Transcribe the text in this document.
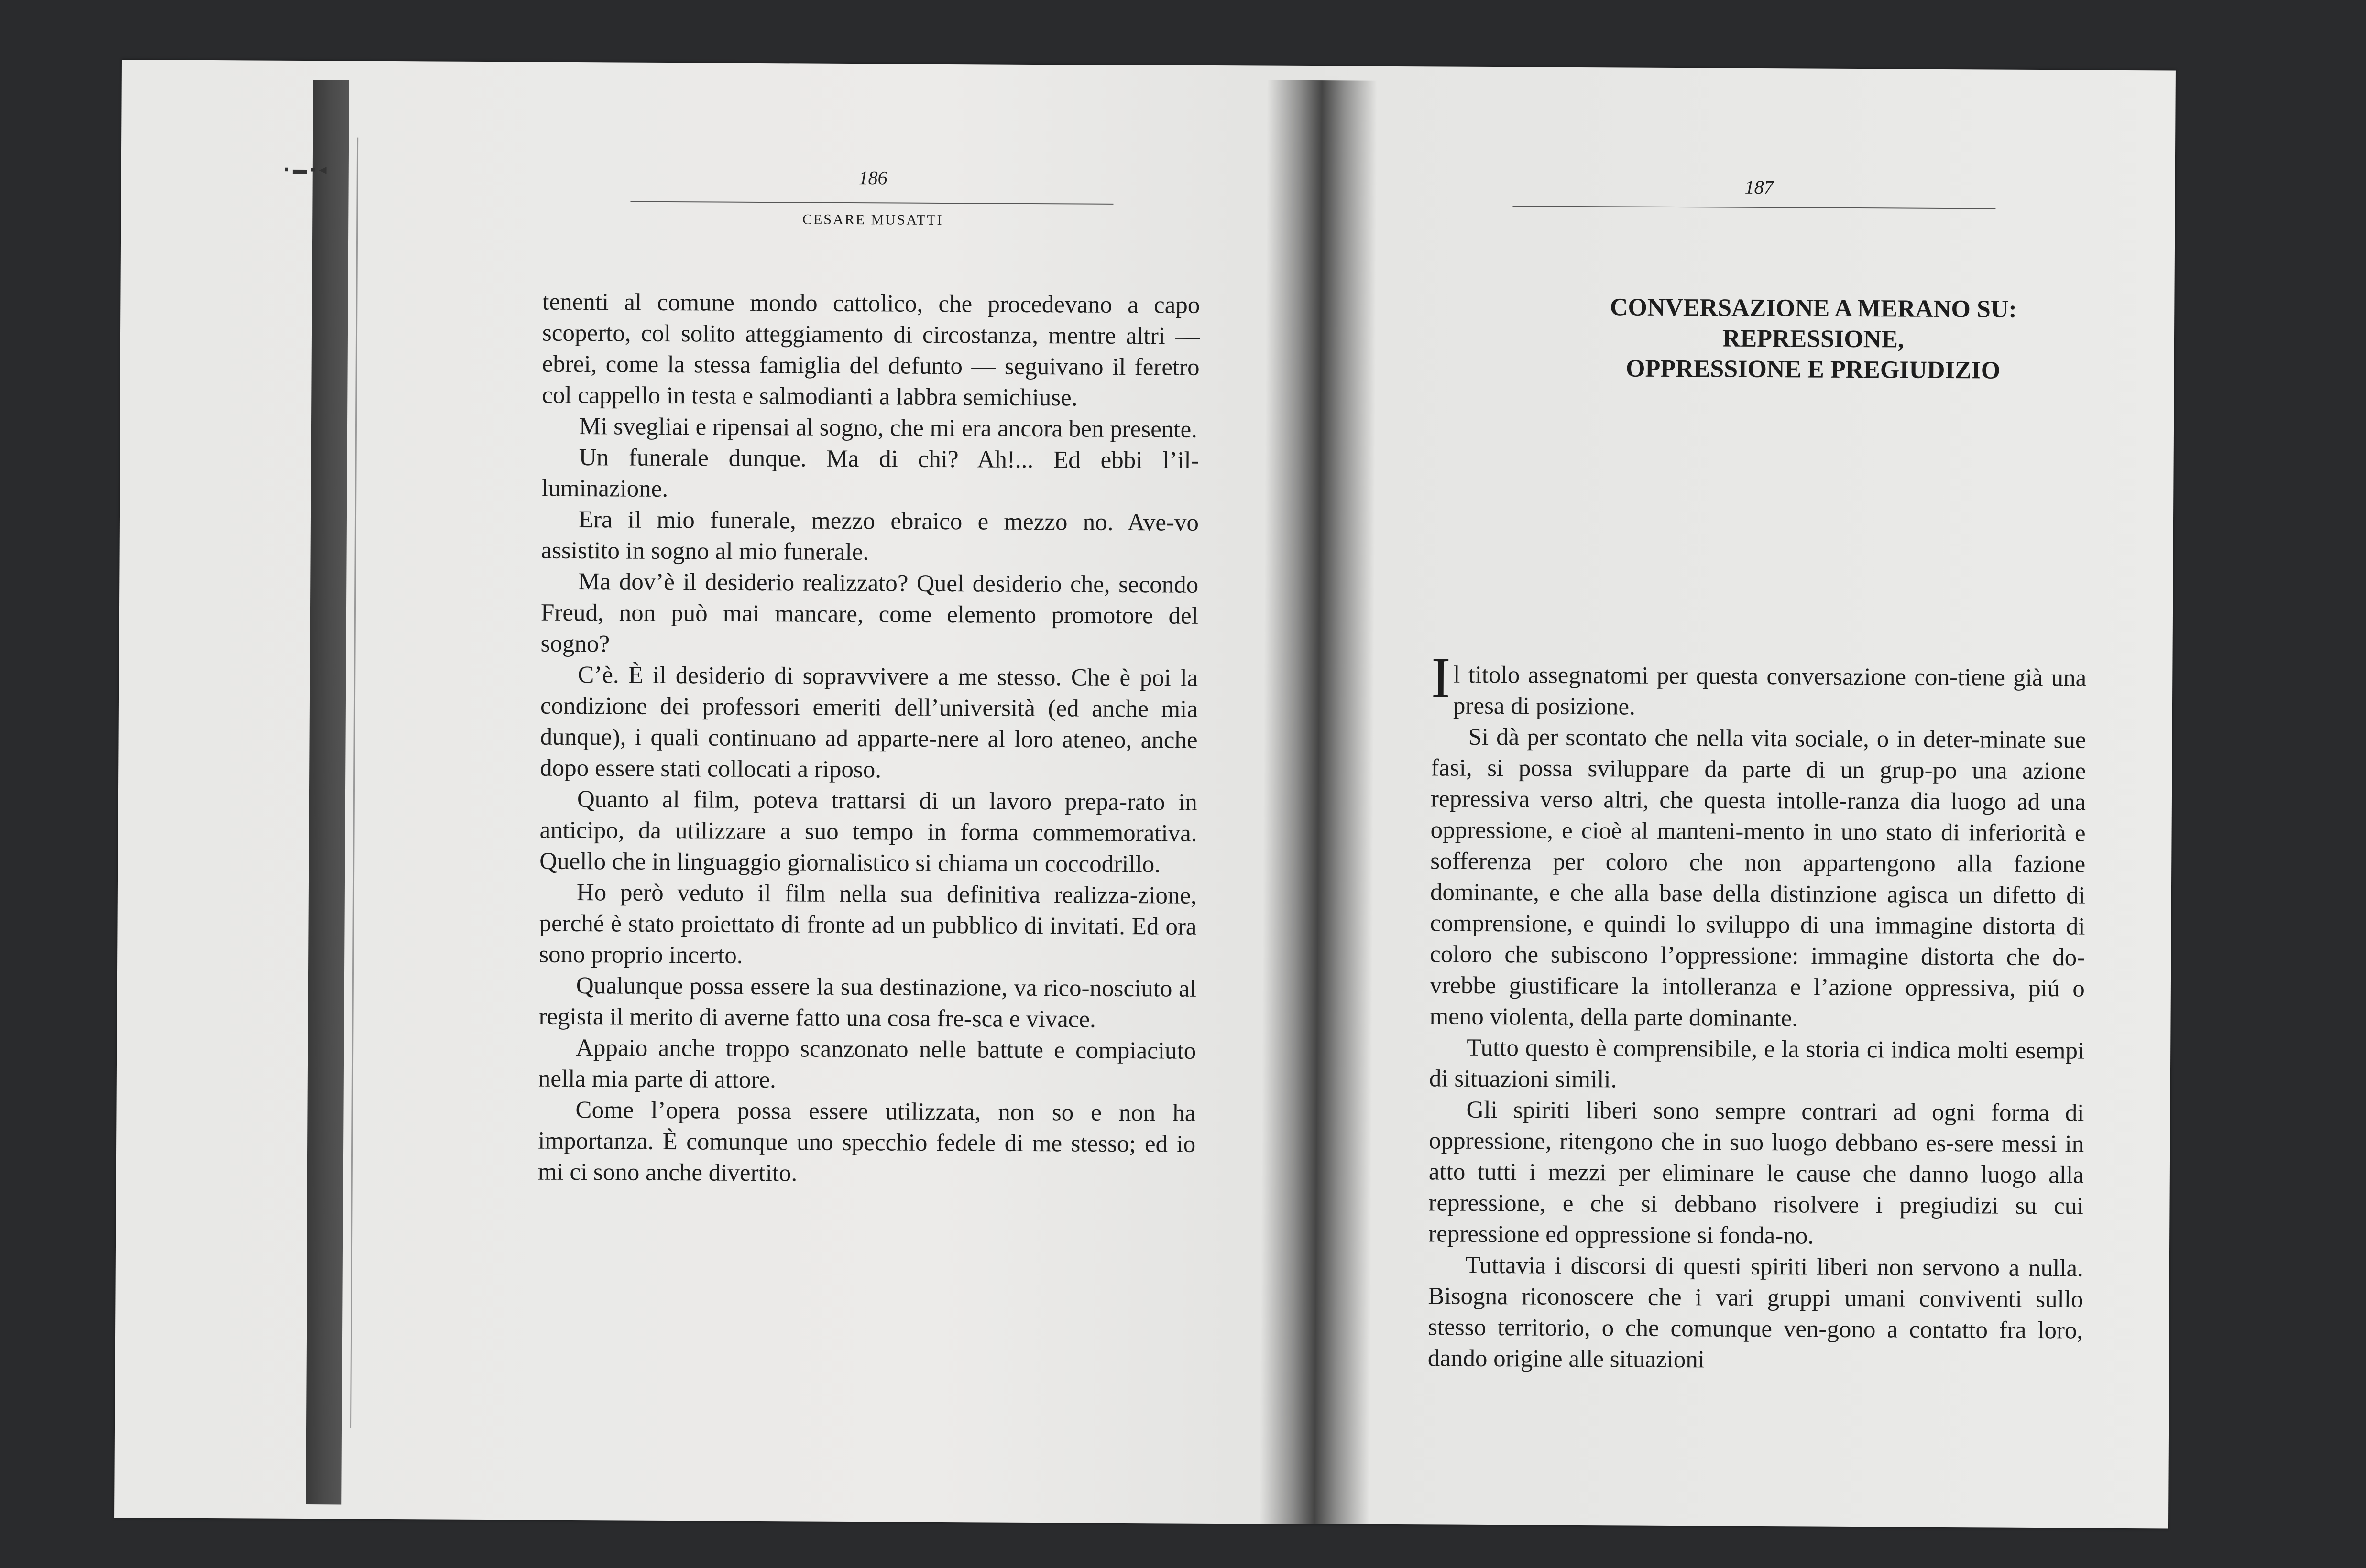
▪ ▬ ▪ ◂	186
CESARE MUSATTI

tenenti al comune mondo cattolico, che procedevano a capo scoperto, col solito atteggiamento di circostanza, mentre altri — ebrei, come la stessa famiglia del defunto — seguivano il feretro col cappello in testa e salmodianti a labbra semichiuse.

Mi svegliai e ripensai al sogno, che mi era ancora ben presente.

Un funerale dunque. Ma di chi? Ah!... Ed ebbi l’il-luminazione.

Era il mio funerale, mezzo ebraico e mezzo no. Ave-vo assistito in sogno al mio funerale.

Ma dov’è il desiderio realizzato? Quel desiderio che, secondo Freud, non può mai mancare, come elemento promotore del sogno?

C’è. È il desiderio di sopravvivere a me stesso. Che è poi la condizione dei professori emeriti dell’università (ed anche mia dunque), i quali continuano ad apparte-nere al loro ateneo, anche dopo essere stati collocati a riposo.

Quanto al film, poteva trattarsi di un lavoro prepa-rato in anticipo, da utilizzare a suo tempo in forma commemorativa. Quello che in linguaggio giornalistico si chiama un coccodrillo.

Ho però veduto il film nella sua definitiva realizza-zione, perché è stato proiettato di fronte ad un pubblico di invitati. Ed ora sono proprio incerto.

Qualunque possa essere la sua destinazione, va rico-nosciuto al regista il merito di averne fatto una cosa fre-sca e vivace.

Appaio anche troppo scanzonato nelle battute e compiaciuto nella mia parte di attore.

Come l’opera possa essere utilizzata, non so e non ha importanza. È comunque uno specchio fedele di me stesso; ed io mi ci sono anche divertito.

187
CONVERSAZIONE A MERANO SU:
REPRESSIONE,
OPPRESSIONE E PREGIUDIZIO

Il titolo assegnatomi per questa conversazione con-tiene già una presa di posizione.

Si dà per scontato che nella vita sociale, o in deter-minate sue fasi, si possa sviluppare da parte di un grup-po una azione repressiva verso altri, che questa intolle-ranza dia luogo ad una oppressione, e cioè al manteni-mento in uno stato di inferiorità e sofferenza per coloro che non appartengono alla fazione dominante, e che alla base della distinzione agisca un difetto di comprensione, e quindi lo sviluppo di una immagine distorta di coloro che subiscono l’oppressione: immagine distorta che do-vrebbe giustificare la intolleranza e l’azione oppressiva, piú o meno violenta, della parte dominante.

Tutto questo è comprensibile, e la storia ci indica molti esempi di situazioni simili.

Gli spiriti liberi sono sempre contrari ad ogni forma di oppressione, ritengono che in suo luogo debbano es-sere messi in atto tutti i mezzi per eliminare le cause che danno luogo alla repressione, e che si debbano risolvere i pregiudizi su cui repressione ed oppressione si fonda-no.

Tuttavia i discorsi di questi spiriti liberi non servono a nulla. Bisogna riconoscere che i vari gruppi umani conviventi sullo stesso territorio, o che comunque ven-gono a contatto fra loro, dando origine alle situazioni
